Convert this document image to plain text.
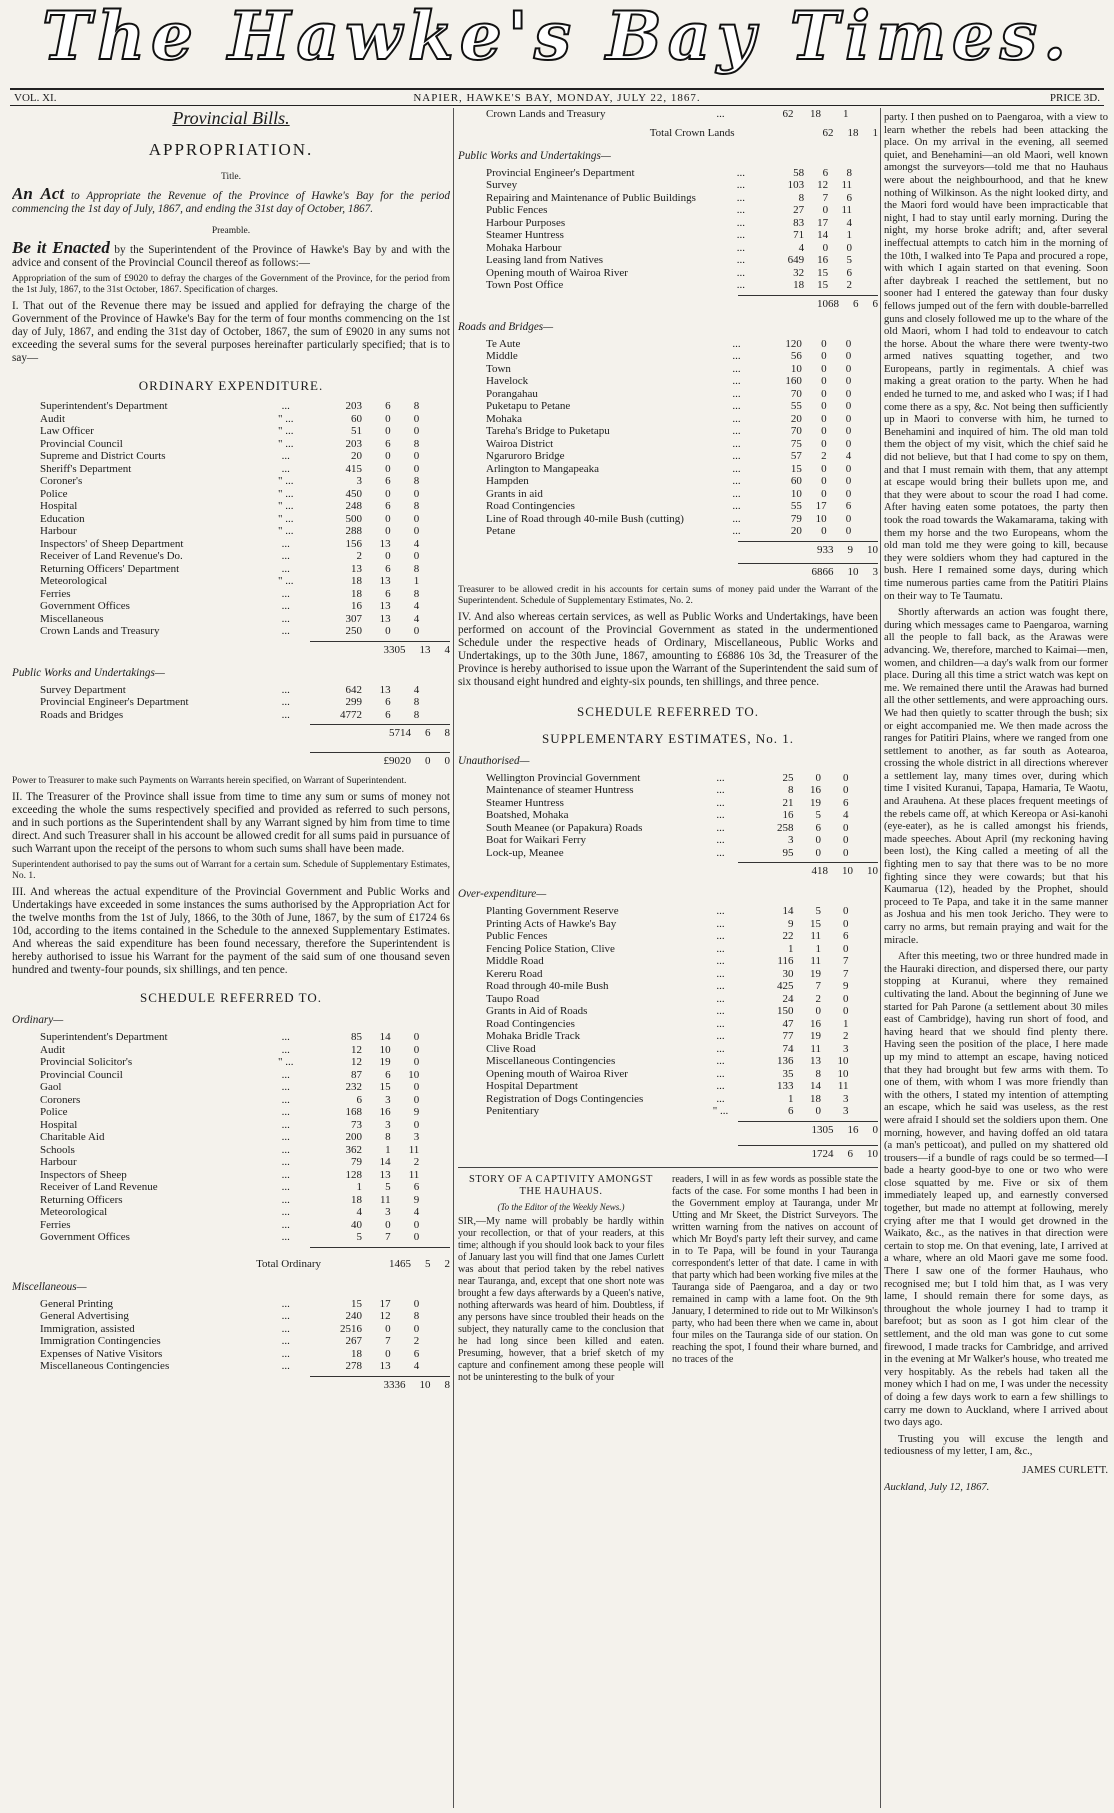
The Hawke's Bay Times.
VOL. XI.	NAPIER, HAWKE'S BAY, MONDAY, JULY 22, 1867.	PRICE 3D.
Provincial Bills.
APPROPRIATION.
Title.
An Act to Appropriate the Revenue of the Province of Hawke's Bay for the period commencing the 1st day of July, 1867, and ending the 31st day of October, 1867.
Preamble.
Be it Enacted by the Superintendent of the Province of Hawke's Bay by and with the advice and consent of the Provincial Council thereof as follows:—
Appropriation of the sum of £9020 to defray the charges of the Government of the Province, for the period from the 1st July, 1867, to the 31st October, 1867. Specification of charges.
I. That out of the Revenue there may be issued and applied for defraying the charge of the Government of the Province of Hawke's Bay for the term of four months commencing on the 1st day of July, 1867, and ending the 31st day of October, 1867, the sum of £9020 in any sums not exceeding the several sums for the several purposes hereinafter particularly specified; that is to say—
ORDINARY EXPENDITURE.
Superintendent's Department	...	203	6	8	
Audit	" ...	60	0	0	
Law Officer	" ...	51	0	0	
Provincial Council	" ...	203	6	8	
Supreme and District Courts	...	20	0	0	
Sheriff's Department	...	415	0	0	
Coroner's	" ...	3	6	8	
Police	" ...	450	0	0	
Hospital	" ...	248	6	8	
Education	" ...	500	0	0	
Harbour	" ...	288	0	0	
Inspectors' of Sheep Department	...	156	13	4	
Receiver of Land Revenue's Do.	...	2	0	0	
Returning Officers' Department	...	13	6	8	
Meteorological	" ...	18	13	1	
Ferries	...	18	6	8	
Government Offices	...	16	13	4	
Miscellaneous	...	307	13	4	
Crown Lands and Treasury	...	250	0	0	
3305 13 4
Public Works and Undertakings—
Survey Department	...	642	13	4	
Provincial Engineer's Department	...	299	6	8	
Roads and Bridges	...	4772	6	8	
5714 6 8
£9020 0 0
Power to Treasurer to make such Payments on Warrants herein specified, on Warrant of Superintendent.
II. The Treasurer of the Province shall issue from time to time any sum or sums of money not exceeding the whole the sums respectively specified and provided as referred to such persons, and in such portions as the Superintendent shall by any Warrant signed by him from time to time direct. And such Treasurer shall in his account be allowed credit for all sums paid in pursuance of such Warrant upon the receipt of the persons to whom such sums shall have been made.
Superintendent authorised to pay the sums out of Warrant for a certain sum. Schedule of Supplementary Estimates, No. 1.
III. And whereas the actual expenditure of the Provincial Government and Public Works and Undertakings have exceeded in some instances the sums authorised by the Appropriation Act for the twelve months from the 1st of July, 1866, to the 30th of June, 1867, by the sum of £1724 6s 10d, according to the items contained in the Schedule to the annexed Supplementary Estimates. And whereas the said expenditure has been found necessary, therefore the Superintendent is hereby authorised to issue his Warrant for the payment of the said sum of one thousand seven hundred and twenty-four pounds, six shillings, and ten pence.
SCHEDULE REFERRED TO.
Ordinary—
Superintendent's Department	...	85	14	0	
Audit	...	12	10	0	
Provincial Solicitor's	" ...	12	19	0	
Provincial Council	...	87	6	10	
Gaol	...	232	15	0	
Coroners	...	6	3	0	
Police	...	168	16	9	
Hospital	...	73	3	0	
Charitable Aid	...	200	8	3	
Schools	...	362	1	11	
Harbour	...	79	14	2	
Inspectors of Sheep	...	128	13	11	
Receiver of Land Revenue	...	1	5	6	
Returning Officers	...	18	11	9	
Meteorological	...	4	3	4	
Ferries	...	40	0	0	
Government Offices	...	5	7	0	
Total Ordinary	1465 5 2
Miscellaneous—
General Printing	...	15	17	0	
General Advertising	...	240	12	8	
Immigration, assisted	...	2516	0	0	
Immigration Contingencies	...	267	7	2	
Expenses of Native Visitors	...	18	0	6	
Miscellaneous Contingencies	...	278	13	4	
3336 10 8
Crown Lands and Treasury	...	62	18	1	
Total Crown Lands	62 18 1
Public Works and Undertakings—
Provincial Engineer's Department	...	58	6	8	
Survey	...	103	12	11	
Repairing and Maintenance of Public Buildings	...	8	7	6	
Public Fences	...	27	0	11	
Harbour Purposes	...	83	17	4	
Steamer Huntress	...	71	14	1	
Mohaka Harbour	...	4	0	0	
Leasing land from Natives	...	649	16	5	
Opening mouth of Wairoa River	...	32	15	6	
Town Post Office	...	18	15	2	
1068 6 6
Roads and Bridges—
Te Aute	...	120	0	0	
Middle	...	56	0	0	
Town	...	10	0	0	
Havelock	...	160	0	0	
Porangahau	...	70	0	0	
Puketapu to Petane	...	55	0	0	
Mohaka	...	20	0	0	
Tareha's Bridge to Puketapu	...	70	0	0	
Wairoa District	...	75	0	0	
Ngaruroro Bridge	...	57	2	4	
Arlington to Mangapeaka	...	15	0	0	
Hampden	...	60	0	0	
Grants in aid	...	10	0	0	
Road Contingencies	...	55	17	6	
Line of Road through 40-mile Bush (cutting)	...	79	10	0	
Petane	...	20	0	0	
933 9 10
6866 10 3
Treasurer to be allowed credit in his accounts for certain sums of money paid under the Warrant of the Superintendent. Schedule of Supplementary Estimates, No. 2.
IV. And also whereas certain services, as well as Public Works and Undertakings, have been performed on account of the Provincial Government as stated in the undermentioned Schedule under the respective heads of Ordinary, Miscellaneous, Public Works and Undertakings, up to the 30th June, 1867, amounting to £6886 10s 3d, the Treasurer of the Province is hereby authorised to issue upon the Warrant of the Superintendent the said sum of six thousand eight hundred and eighty-six pounds, ten shillings, and three pence.
SCHEDULE REFERRED TO.
SUPPLEMENTARY ESTIMATES, No. 1.
Unauthorised—
Wellington Provincial Government	...	25	0	0	
Maintenance of steamer Huntress	...	8	16	0	
Steamer Huntress	...	21	19	6	
Boatshed, Mohaka	...	16	5	4	
South Meanee (or Papakura) Roads	...	258	6	0	
Boat for Waikari Ferry	...	3	0	0	
Lock-up, Meanee	...	95	0	0	
418 10 10
Over-expenditure—
Planting Government Reserve	...	14	5	0	
Printing Acts of Hawke's Bay	...	9	15	0	
Public Fences	...	22	11	6	
Fencing Police Station, Clive	...	1	1	0	
Middle Road	...	116	11	7	
Kereru Road	...	30	19	7	
Road through 40-mile Bush	...	425	7	9	
Taupo Road	...	24	2	0	
Grants in Aid of Roads	...	150	0	0	
Road Contingencies	...	47	16	1	
Mohaka Bridle Track	...	77	19	2	
Clive Road	...	74	11	3	
Miscellaneous Contingencies	...	136	13	10	
Opening mouth of Wairoa River	...	35	8	10	
Hospital Department	...	133	14	11	
Registration of Dogs Contingencies	...	1	18	3	
Penitentiary	" ...	6	0	3	
1305 16 0
1724 6 10
STORY OF A CAPTIVITY AMONGST THE HAUHAUS.
(To the Editor of the Weekly News.)
SIR,—My name will probably be hardly within your recollection, or that of your readers, at this time; although if you should look back to your files of January last you will find that one James Curlett was about that period taken by the rebel natives near Tauranga, and, except that one short note was brought a few days afterwards by a Queen's native, nothing afterwards was heard of him. Doubtless, if any persons have since troubled their heads on the subject, they naturally came to the conclusion that he had long since been killed and eaten. Presuming, however, that a brief sketch of my capture and confinement among these people will not be uninteresting to the bulk of your
readers, I will in as few words as possible state the facts of the case. For some months I had been in the Government employ at Tauranga, under Mr Utting and Mr Skeet, the District Surveyors. The written warning from the natives on account of which Mr Boyd's party left their survey, and came in to Te Papa, will be found in your Tauranga correspondent's letter of that date. I came in with that party which had been working five miles at the Tauranga side of Paengaroa, and a day or two remained in camp with a lame foot. On the 9th January, I determined to ride out to Mr Wilkinson's party, who had been there when we came in, about four miles on the Tauranga side of our station. On reaching the spot, I found their whare burned, and no traces of the
party. I then pushed on to Paengaroa, with a view to learn whether the rebels had been attacking the place. On my arrival in the evening, all seemed quiet, and Benehamini—an old Maori, well known amongst the surveyors—told me that no Hauhaus were about the neighbourhood, and that he knew nothing of Wilkinson. As the night looked dirty, and the Maori ford would have been impracticable that night, I had to stay until early morning. During the night, my horse broke adrift; and, after several ineffectual attempts to catch him in the morning of the 10th, I walked into Te Papa and procured a rope, with which I again started on that evening. Soon after daybreak I reached the settlement, but no sooner had I entered the gateway than four dusky fellows jumped out of the fern with double-barrelled guns and closely followed me up to the whare of the old Maori, whom I had told to endeavour to catch the horse. About the whare there were twenty-two armed natives squatting together, and two Europeans, partly in regimentals. A chief was making a great oration to the party. When he had ended he turned to me, and asked who I was; if I had come there as a spy, &c. Not being then sufficiently up in Maori to converse with him, he turned to Benehamini and inquired of him. The old man told them the object of my visit, which the chief said he did not believe, but that I had come to spy on them, and that I must remain with them, that any attempt at escape would bring their bullets upon me, and that they were about to scour the road I had come. After having eaten some potatoes, the party then took the road towards the Wakamarama, taking with them my horse and the two Europeans, whom the old man told me they were going to kill, because they were soldiers whom they had captured in the bush. Here I remained some days, during which time numerous parties came from the Patitiri Plains on their way to Te Taumatu.
Shortly afterwards an action was fought there, during which messages came to Paengaroa, warning all the people to fall back, as the Arawas were advancing. We, therefore, marched to Kaimai—men, women, and children—a day's walk from our former place. During all this time a strict watch was kept on me. We remained there until the Arawas had burned all the other settlements, and were approaching ours. We had then quietly to scatter through the bush; six or eight accompanied me. We then made across the ranges for Patitiri Plains, where we ranged from one settlement to another, as far south as Aotearoa, crossing the whole district in all directions wherever a settlement lay, many times over, during which time I visited Kuranui, Tapapa, Hamaria, Te Waotu, and Arauhena. At these places frequent meetings of the rebels came off, at which Kereopa or Asi-kanohi (eye-eater), as he is called amongst his friends, made speeches. About April (my reckoning having been lost), the King called a meeting of all the fighting men to say that there was to be no more fighting since they were cowards; but that his Kaumarua (12), headed by the Prophet, should proceed to Te Papa, and take it in the same manner as Joshua and his men took Jericho. They were to carry no arms, but remain praying and wait for the miracle.
After this meeting, two or three hundred made in the Hauraki direction, and dispersed there, our party stopping at Kuranui, where they remained cultivating the land. About the beginning of June we started for Pah Parone (a settlement about 30 miles east of Cambridge), having run short of food, and having heard that we should find plenty there. Having seen the position of the place, I here made up my mind to attempt an escape, having noticed that they had brought but few arms with them. To one of them, with whom I was more friendly than with the others, I stated my intention of attempting an escape, which he said was useless, as the rest were afraid I should set the soldiers upon them. One morning, however, and having doffed an old tatara (a man's petticoat), and pulled on my shattered old trousers—if a bundle of rags could be so termed—I bade a hearty good-bye to one or two who were close squatted by me. Five or six of them immediately leaped up, and earnestly conversed together, but made no attempt at following, merely crying after me that I would get drowned in the Waikato, &c., as the natives in that direction were certain to stop me. On that evening, late, I arrived at a whare, where an old Maori gave me some food. There I saw one of the former Hauhaus, who recognised me; but I told him that, as I was very lame, I should remain there for some days, as throughout the whole journey I had to tramp it barefoot; but as soon as I got him clear of the settlement, and the old man was gone to cut some firewood, I made tracks for Cambridge, and arrived in the evening at Mr Walker's house, who treated me very hospitably. As the rebels had taken all the money which I had on me, I was under the necessity of doing a few days work to earn a few shillings to carry me down to Auckland, where I arrived about two days ago.
Trusting you will excuse the length and tediousness of my letter, I am, &c.,
JAMES CURLETT.
Auckland, July 12, 1867.
